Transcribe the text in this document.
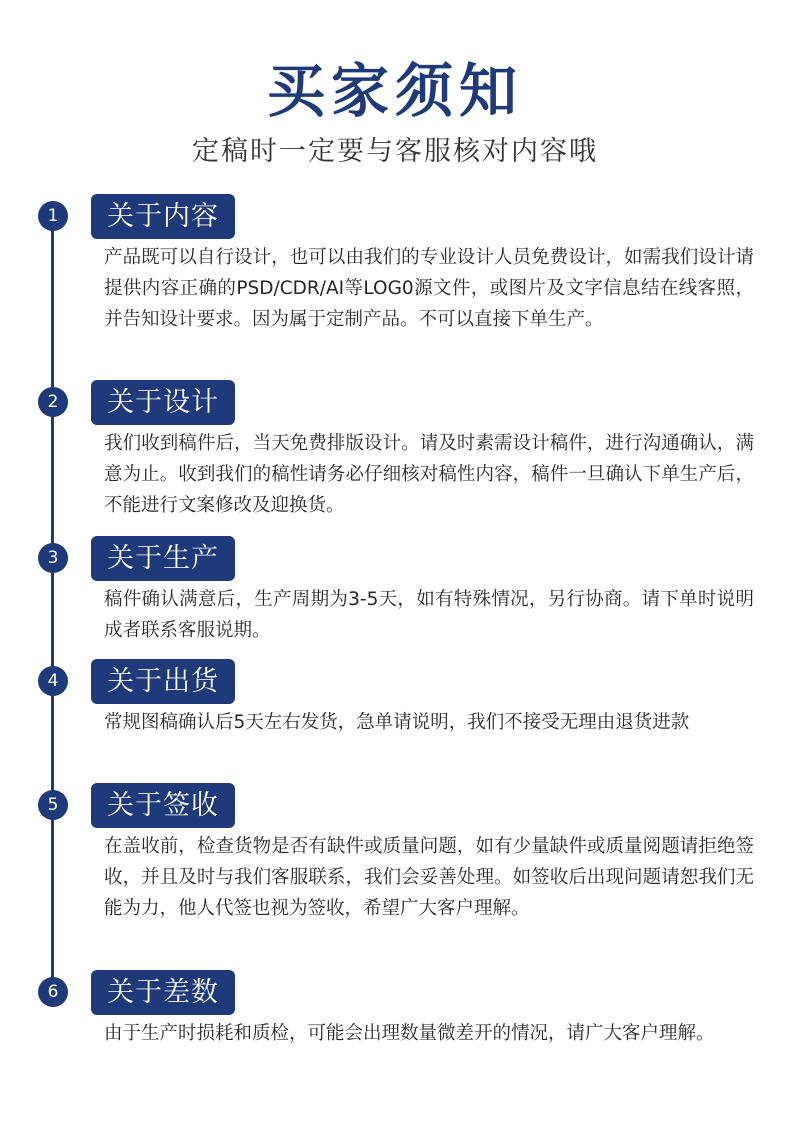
买家须知
定稿时一定要与客服核对内容哦
1	关于内容
产品既可以自行设计，也可以由我们的专业设计人员免费设计，如需我们设计请提供内容正确的PSD/CDR/AI等LOG0源文件，或图片及文字信息结在线客照，并告知设计要求。因为属于定制产品。不可以直接下单生产。
2	关于设计
我们收到稿件后，当天免费排版设计。请及时素需设计稿件，进行沟通确认，满意为止。收到我们的稿性请务必仔细核对稿性内容，稿件一旦确认下单生产后，不能进行文案修改及迎换货。
3	关于生产
稿件确认满意后，生产周期为3-5天，如有特殊情况，另行协商。请下单时说明成者联系客服说期。
4	关于出货
常规图稿确认后5天左右发货，急单请说明，我们不接受无理由退货进款
5	关于签收
在盖收前，检查货物是否有缺件或质量问题，如有少量缺件或质量阅题请拒绝签收，并且及时与我们客服联系，我们会妥善处理。如签收后出现问题请恕我们无能为力，他人代签也视为签收，希望广大客户理解。
6	关于差数
由于生产时损耗和质检，可能会出理数量微差开的情况，请广大客户理解。
